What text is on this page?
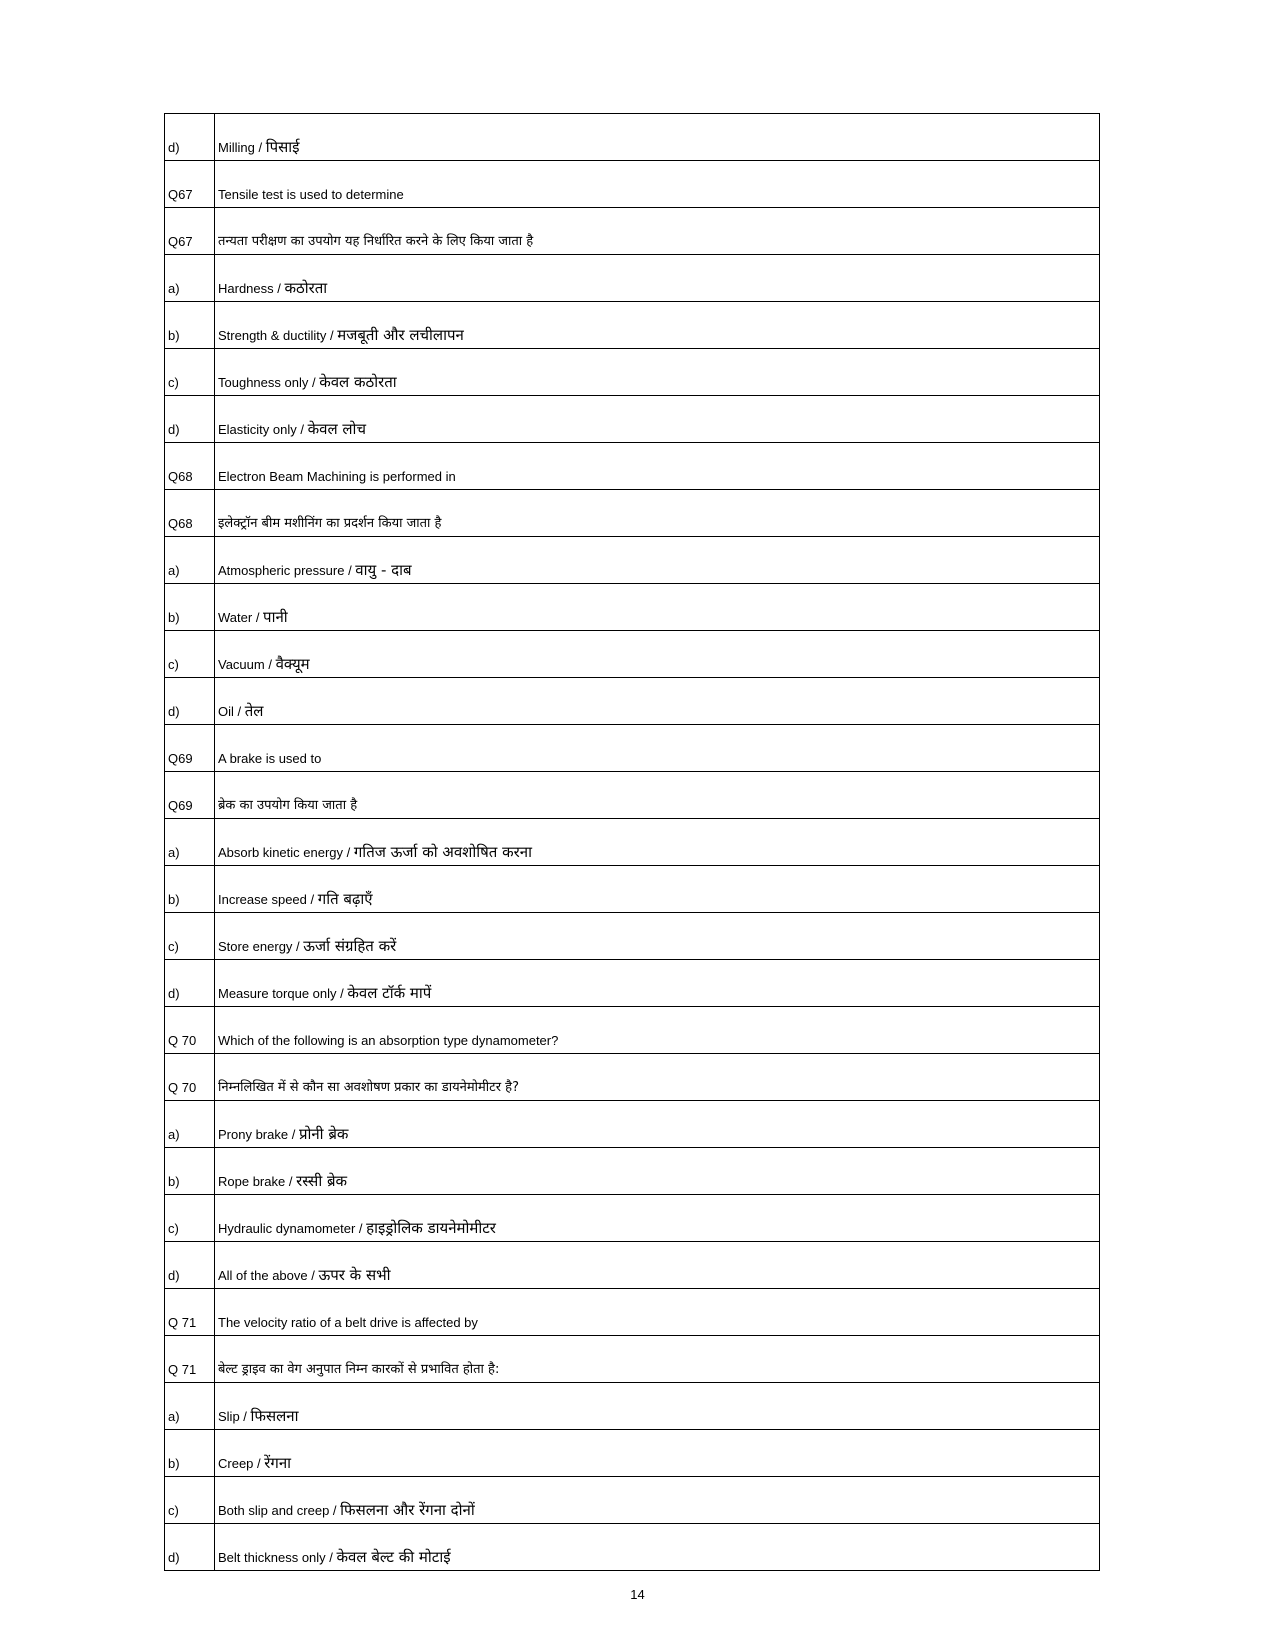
d)	Milling / पिसाई
Q67	Tensile test is used to determine
Q67	तन्यता परीक्षण का उपयोग यह निर्धारित करने के लिए किया जाता है
a)	Hardness / कठोरता
b)	Strength & ductility / मजबूती और लचीलापन
c)	Toughness only / केवल कठोरता
d)	Elasticity only / केवल लोच
Q68	Electron Beam Machining is performed in
Q68	इलेक्ट्रॉन बीम मशीनिंग का प्रदर्शन किया जाता है
a)	Atmospheric pressure / वायु - दाब
b)	Water / पानी
c)	Vacuum / वैक्यूम
d)	Oil / तेल
Q69	A brake is used to
Q69	ब्रेक का उपयोग किया जाता है
a)	Absorb kinetic energy / गतिज ऊर्जा को अवशोषित करना
b)	Increase speed / गति बढ़ाएँ
c)	Store energy / ऊर्जा संग्रहित करें
d)	Measure torque only / केवल टॉर्क मापें
Q 70	Which of the following is an absorption type dynamometer?
Q 70	निम्नलिखित में से कौन सा अवशोषण प्रकार का डायनेमोमीटर है?
a)	Prony brake / प्रोनी ब्रेक
b)	Rope brake / रस्सी ब्रेक
c)	Hydraulic dynamometer / हाइड्रोलिक डायनेमोमीटर
d)	All of the above / ऊपर के सभी
Q 71	The velocity ratio of a belt drive is affected by
Q 71	बेल्ट ड्राइव का वेग अनुपात निम्न कारकों से प्रभावित होता है:
a)	Slip / फिसलना
b)	Creep / रेंगना
c)	Both slip and creep / फिसलना और रेंगना दोनों
d)	Belt thickness only / केवल बेल्ट की मोटाई
14
